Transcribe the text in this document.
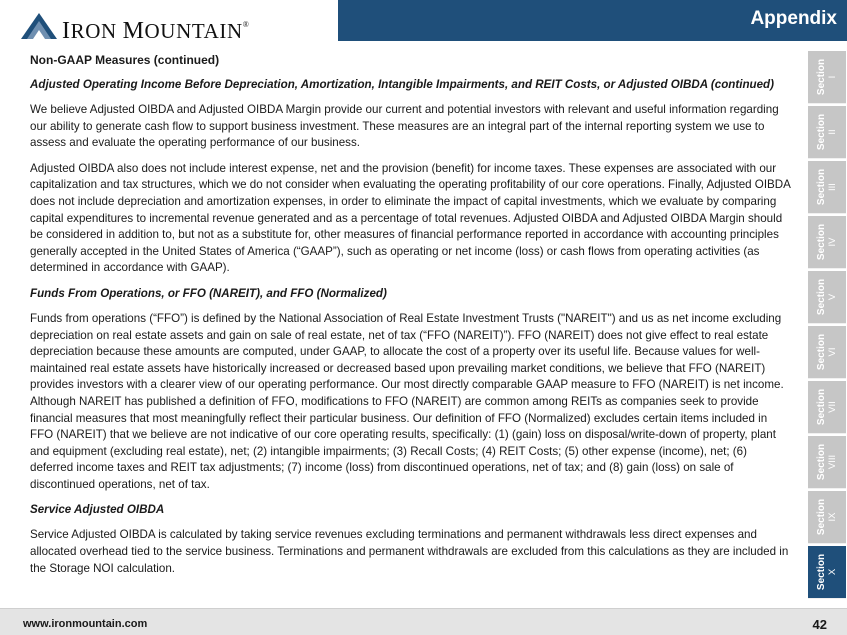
IRON MOUNTAIN®	Appendix
Non-GAAP Measures (continued)
Adjusted Operating Income Before Depreciation, Amortization, Intangible Impairments, and REIT Costs, or Adjusted OIBDA (continued)

We believe Adjusted OIBDA and Adjusted OIBDA Margin provide our current and potential investors with relevant and useful information regarding our ability to generate cash flow to support business investment. These measures are an integral part of the internal reporting system we use to assess and evaluate the operating performance of our business.

Adjusted OIBDA also does not include interest expense, net and the provision (benefit) for income taxes. These expenses are associated with our capitalization and tax structures, which we do not consider when evaluating the operating profitability of our core operations. Finally, Adjusted OIBDA does not include depreciation and amortization expenses, in order to eliminate the impact of capital investments, which we evaluate by comparing capital expenditures to incremental revenue generated and as a percentage of total revenues. Adjusted OIBDA and Adjusted OIBDA Margin should be considered in addition to, but not as a substitute for, other measures of financial performance reported in accordance with accounting principles generally accepted in the United States of America (“GAAP”), such as operating or net income (loss) or cash flows from operating activities (as determined in accordance with GAAP).

Funds From Operations, or FFO (NAREIT), and FFO (Normalized)

Funds from operations (“FFO”) is defined by the National Association of Real Estate Investment Trusts ("NAREIT") and us as net income excluding depreciation on real estate assets and gain on sale of real estate, net of tax (“FFO (NAREIT)”). FFO (NAREIT) does not give effect to real estate depreciation because these amounts are computed, under GAAP, to allocate the cost of a property over its useful life. Because values for well-maintained real estate assets have historically increased or decreased based upon prevailing market conditions, we believe that FFO (NAREIT) provides investors with a clearer view of our operating performance. Our most directly comparable GAAP measure to FFO (NAREIT) is net income. Although NAREIT has published a definition of FFO, modifications to FFO (NAREIT) are common among REITs as companies seek to provide financial measures that most meaningfully reflect their particular business. Our definition of FFO (Normalized) excludes certain items included in FFO (NAREIT) that we believe are not indicative of our core operating results, specifically: (1) (gain) loss on disposal/write-down of property, plant and equipment (excluding real estate), net; (2) intangible impairments; (3) Recall Costs; (4) REIT Costs; (5) other expense (income), net; (6) deferred income taxes and REIT tax adjustments; (7) income (loss) from discontinued operations, net of tax; and (8) gain (loss) on sale of discontinued operations, net of tax.

Service Adjusted OIBDA

Service Adjusted OIBDA is calculated by taking service revenues excluding terminations and permanent withdrawals less direct expenses and allocated overhead tied to the service business. Terminations and permanent withdrawals are excluded from this calculations as they are included in the Storage NOI calculation.

Section I
Section II
Section III
Section IV
Section V
Section VI
Section VII
Section VIII
Section IX
Section X
www.ironmountain.com	42
